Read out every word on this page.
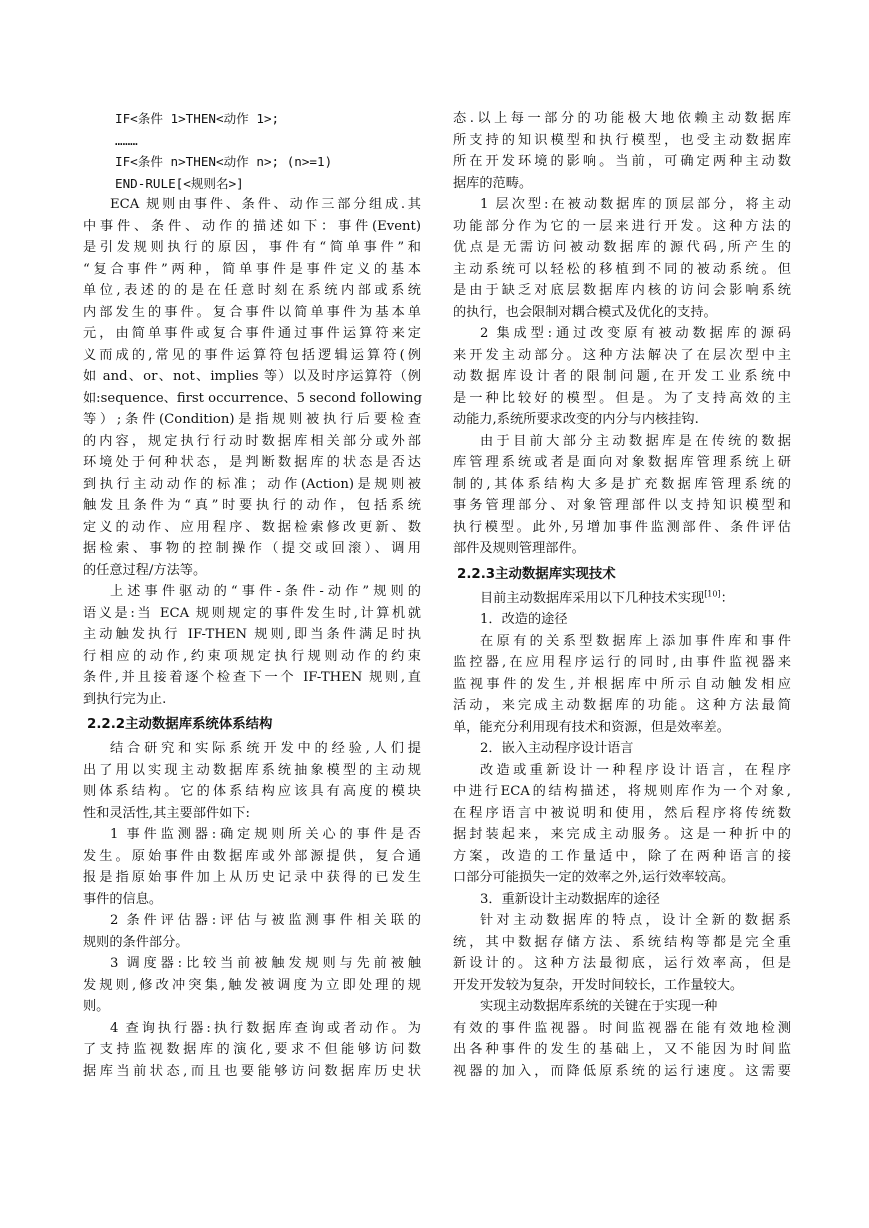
IF<条件 1>THEN<动作 1>;
………
IF<条件 n>THEN<动作 n>; (n>=1)
END-RULE[<规则名>]
ECA 规则由事件、条件、动作三部分组成.其
中事件、条件、动作的描述如下：事件(Event)
是引发规则执行的原因，事件有“简单事件”和
“复合事件”两种，简单事件是事件定义的基本
单位,表述的的是在任意时刻在系统内部或系统
内部发生的事件。复合事件以简单事件为基本单
元，由简单事件或复合事件通过事件运算符来定
义而成的,常见的事件运算符包括逻辑运算符(例
如 and、or、not、implies 等）以及时序运算符（例
如:sequence、first occurrence、5 second following
等）;条件(Condition)是指规则被执行后要检查
的内容，规定执行行动时数据库相关部分或外部
环境处于何种状态，是判断数据库的状态是否达
到执行主动动作的标准；动作(Action)是规则被
触发且条件为“真”时要执行的动作，包括系统
定义的动作、应用程序、数据检索修改更新、数
据检索、事物的控制操作（提交或回滚）、调用
的任意过程/方法等。
上述事件驱动的“事件-条件-动作”规则的
语义是:当 ECA 规则规定的事件发生时,计算机就
主动触发执行 IF-THEN 规则,即当条件满足时执
行相应的动作,约束项规定执行规则动作的约束
条件,并且接着逐个检查下一个 IF-THEN 规则,直
到执行完为止.
2.2.2主动数据库系统体系结构
结合研究和实际系统开发中的经验,人们提
出了用以实现主动数据库系统抽象模型的主动规
则体系结构。它的体系结构应该具有高度的模块
性和灵活性,其主要部件如下:
1 事件监测器:确定规则所关心的事件是否
发生。原始事件由数据库或外部源提供，复合通
报是指原始事件加上从历史记录中获得的已发生
事件的信息。
2 条件评估器:评估与被监测事件相关联的
规则的条件部分。
3 调度器:比较当前被触发规则与先前被触
发规则,修改冲突集,触发被调度为立即处理的规
则。
4 查询执行器:执行数据库查询或者动作。为
了支持监视数据库的演化,要求不但能够访问数
据库当前状态,而且也要能够访问数据库历史状
态.以上每一部分的功能极大地依赖主动数据库
所支持的知识模型和执行模型，也受主动数据库
所在开发环境的影响。当前，可确定两种主动数
据库的范畴。
1 层次型:在被动数据库的顶层部分，将主动
功能部分作为它的一层来进行开发。这种方法的
优点是无需访问被动数据库的源代码,所产生的
主动系统可以轻松的移植到不同的被动系统。但
是由于缺乏对底层数据库内核的访问会影响系统
的执行，也会限制对耦合模式及优化的支持。
2 集成型:通过改变原有被动数据库的源码
来开发主动部分。这种方法解决了在层次型中主
动数据库设计者的限制问题,在开发工业系统中
是一种比较好的模型。但是。为了支持高效的主
动能力,系统所要求改变的内分与内核挂钩.
由于目前大部分主动数据库是在传统的数据
库管理系统或者是面向对象数据库管理系统上研
制的,其体系结构大多是扩充数据库管理系统的
事务管理部分、对象管理部件以支持知识模型和
执行模型。此外,另增加事件监测部件、条件评估
部件及规则管理部件。
2.2.3主动数据库实现技术
目前主动数据库采用以下几种技术实现[10]：
1．改造的途径
在原有的关系型数据库上添加事件库和事件
监控器,在应用程序运行的同时,由事件监视器来
监视事件的发生,并根据库中所示自动触发相应
活动，来完成主动数据库的功能。这种方法最简
单，能充分利用现有技术和资源，但是效率差。
2．嵌入主动程序设计语言
改造或重新设计一种程序设计语言，在程序
中进行ECA的结构描述，将规则库作为一个对象,
在程序语言中被说明和使用，然后程序将传统数
据封装起来，来完成主动服务。这是一种折中的
方案，改造的工作量适中，除了在两种语言的接
口部分可能损失一定的效率之外,运行效率较高。
3．重新设计主动数据库的途径
针对主动数据库的特点，设计全新的数据系
统，其中数据存储方法、系统结构等都是完全重
新设计的。这种方法最彻底，运行效率高，但是
开发开发较为复杂，开发时间较长，工作量较大。
实现主动数据库系统的关键在于实现一种
有效的事件监视器。时间监视器在能有效地检测
出各种事件的发生的基础上，又不能因为时间监
视器的加入，而降低原系统的运行速度。这需要
